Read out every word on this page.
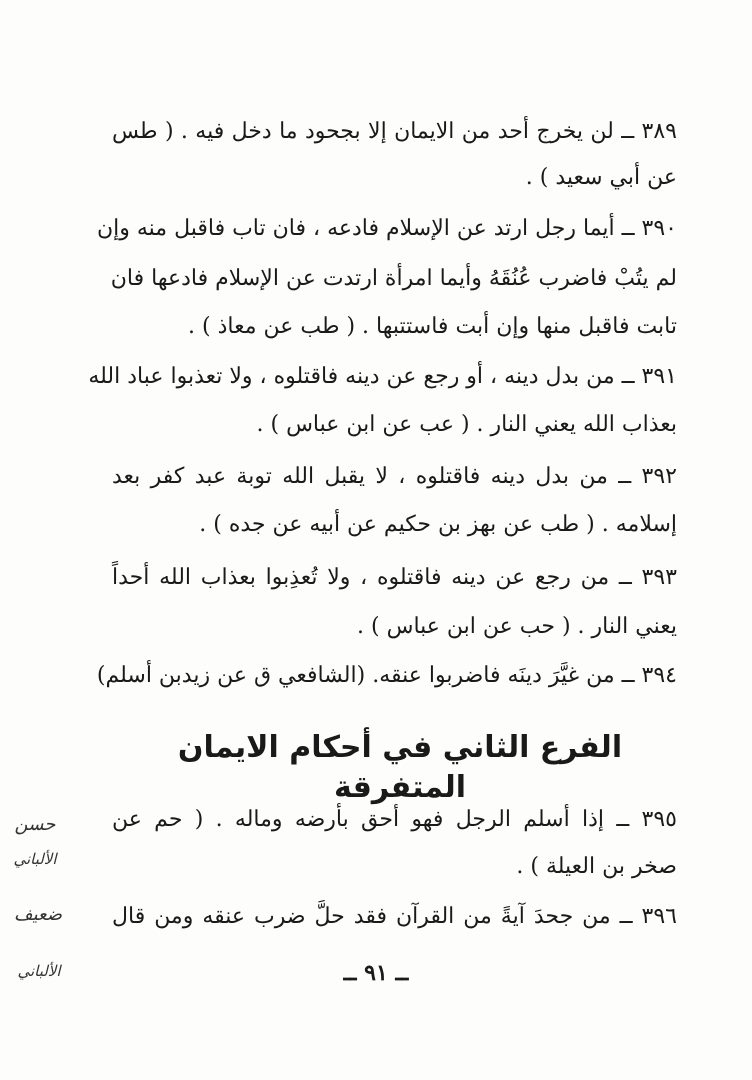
٣٨٩ ــ لن يخرج أحد من الايمان إلا بجحود ما دخل فيه . ( طس
عن أبي سعيد ) .
٣٩٠ ــ أيما رجل ارتد عن الإسلام فادعه ، فان تاب فاقبل منه وإن
لم يتُبْ فاضرب عُنُقَهُ وأيما امرأة ارتدت عن الإسلام فادعها فان
تابت فاقبل منها وإن أبت فاستتبها . ( طب عن معاذ ) .
٣٩١ ــ من بدل دينه ، أو رجع عن دينه فاقتلوه ، ولا تعذبوا عباد الله
بعذاب الله يعني النار . ( عب عن ابن عباس ) .
٣٩٢ ــ من بدل دينه فاقتلوه ، لا يقبل الله توبة عبد كفر بعد
إسلامه . ( طب عن بهز بن حكيم عن أبيه عن جده ) .
٣٩٣ ــ من رجع عن دينه فاقتلوه ، ولا تُعذِبوا بعذاب الله أحداً
يعني النار . ( حب عن ابن عباس ) .
٣٩٤ ــ من غيَّرَ دينَه فاضربوا عنقه. (الشافعي ق عن زيدبن أسلم)
الفرع الثاني في أحكام الايمان المتفرقة
٣٩٥ ــ إذا أسلم الرجل فهو أحق بأرضه وماله . ( حم عن
صخر بن العيلة ) .
٣٩٦ ــ من جحدَ آيةً من القرآن فقد حلَّ ضرب عنقه ومن قال
حسن
الألباني
ضعيف
الألباني	ــ ٩١ ــ
